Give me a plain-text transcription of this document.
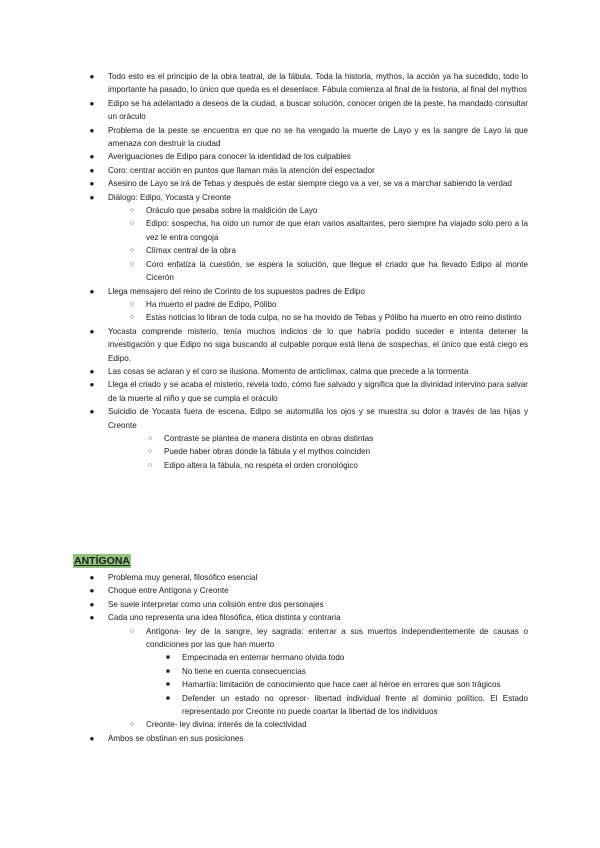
● Todo esto es el principio de la obra teatral, de la fábula. Toda la historia, mythos, la acción ya ha sucedido, todo lo importante ha pasado, lo único que queda es el desenlace. Fábula comienza al final de la historia, al final del mythos
● Edipo se ha adelantado a deseos de la ciudad, a buscar solución, conocer origen de la peste, ha mandado consultar un oráculo
● Problema de la peste se encuentra en que no se ha vengado la muerte de Layo y es la sangre de Layo la que amenaza con destruir la ciudad
● Averiguaciones de Edipo para conocer la identidad de los culpables
● Coro: centrar acción en puntos que llaman más la atención del espectador
● Asesino de Layo se irá de Tebas y después de estar siempre ciego va a ver, se va a marchar sabiendo la verdad
● Diálogo: Edipo, Yocasta y Creonte
○ Oráculo que pesaba sobre la maldición de Layo
○ Edipo: sospecha, ha oído un rumor de que eran varios asaltantes, pero siempre ha viajado solo pero a la vez le entra congoja
○ Clímax central de la obra
○ Coro enfatiza la cuestión, se espera la solución, que llegue el criado que ha llevado Edipo al monte Cicerón
● Llega mensajero del reino de Corinto de los supuestos padres de Edipo
○ Ha muerto el padre de Edipo, Pólibo
○ Estas noticias lo libran de toda culpa, no se ha movido de Tebas y Pólibo ha muerto en otro reino distinto
● Yocasta comprende misterio, tenía muchos indicios de lo que habría podido suceder e intenta detener la investigación y que Edipo no siga buscando al culpable porque está llena de sospechas, el único que está ciego es Edipo.
● Las cosas se aclaran y el coro se ilusiona. Momento de anticlímax, calma que precede a la tormenta
● Llega el criado y se acaba el misterio, revela todo, cómo fue salvado y significa que la divinidad intervino para salvar de la muerte al niño y que se cumpla el oráculo
● Suicidio de Yocasta fuera de escena, Edipo se automutila los ojos y se muestra su dolor a través de las hijas y Creonte
○ Contraste se plantea de manera distinta en obras distintas
○ Puede haber obras donde la fábula y el mythos coinciden
○ Edipo altera la fábula, no respeta el orden cronológico
ANTÍGONA
● Problema muy general, filosófico esencial
● Choque entre Antígona y Creonte
● Se suele interpretar como una colisión entre dos personajes
● Cada uno representa una idea filosófica, ética distinta y contraria
○ Antígona- ley de la sangre, ley sagrada: enterrar a sus muertos independientemente de causas o condiciones por las que han muerto
■ Empecinada en enterrar hermano olvida todo
■ No tiene en cuenta consecuencias
■ Hamartía: limitación de conocimiento que hace caer al héroe en errores que son trágicos
■ Defender un estado no opresor- libertad individual frente al dominio político. El Estado representado por Creonte no puede coartar la libertad de los individuos
○ Creonte- ley divina: interés de la colectividad
● Ambos se obstinan en sus posiciones
